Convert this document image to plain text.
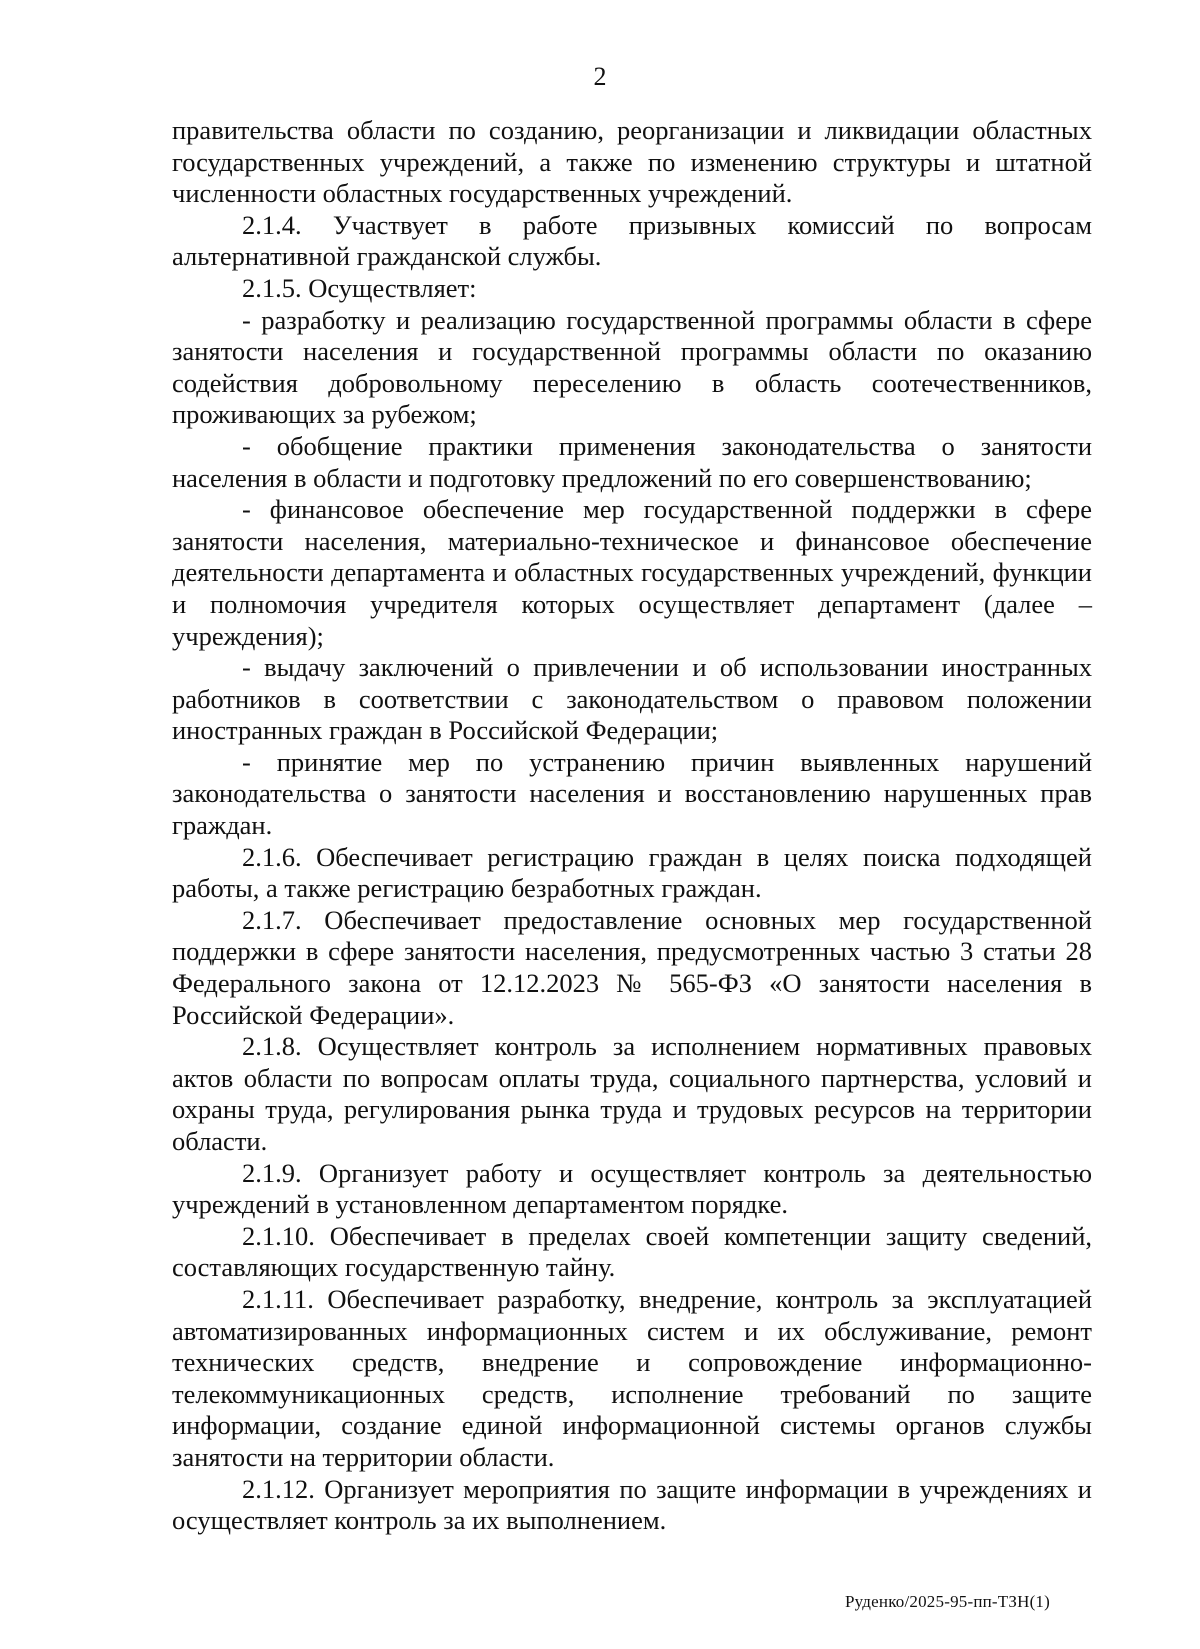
2

правительства области по созданию, реорганизации и ликвидации областных государственных учреждений, а также по изменению структуры и штатной численности областных государственных учреждений.

2.1.4. Участвует в работе призывных комиссий по вопросам альтернативной гражданской службы.

2.1.5. Осуществляет:

- разработку и реализацию государственной программы области в сфере занятости населения и государственной программы области по оказанию содействия добровольному переселению в область соотечественников, проживающих за рубежом;

- обобщение практики применения законодательства о занятости населения в области и подготовку предложений по его совершенствованию;

- финансовое обеспечение мер государственной поддержки в сфере занятости населения, материально-техническое и финансовое обеспечение деятельности департамента и областных государственных учреждений, функции и полномочия учредителя которых осуществляет департамент (далее – учреждения);

- выдачу заключений о привлечении и об использовании иностранных работников в соответствии с законодательством о правовом положении иностранных граждан в Российской Федерации;

- принятие мер по устранению причин выявленных нарушений законодательства о занятости населения и восстановлению нарушенных прав граждан.

2.1.6. Обеспечивает регистрацию граждан в целях поиска подходящей работы, а также регистрацию безработных граждан.

2.1.7. Обеспечивает предоставление основных мер государственной поддержки в сфере занятости населения, предусмотренных частью 3 статьи 28 Федерального закона от 12.12.2023 № 565-ФЗ «О занятости населения в Российской Федерации».

2.1.8. Осуществляет контроль за исполнением нормативных правовых актов области по вопросам оплаты труда, социального партнерства, условий и охраны труда, регулирования рынка труда и трудовых ресурсов на территории области.

2.1.9. Организует работу и осуществляет контроль за деятельностью учреждений в установленном департаментом порядке.

2.1.10. Обеспечивает в пределах своей компетенции защиту сведений, составляющих государственную тайну.

2.1.11. Обеспечивает разработку, внедрение, контроль за эксплуатацией автоматизированных информационных систем и их обслуживание, ремонт технических средств, внедрение и сопровождение информационно-телекоммуникационных средств, исполнение требований по защите информации, создание единой информационной системы органов службы занятости на территории области.

2.1.12. Организует мероприятия по защите информации в учреждениях и осуществляет контроль за их выполнением.

Руденко/2025-95-пп-ТЗН(1)
